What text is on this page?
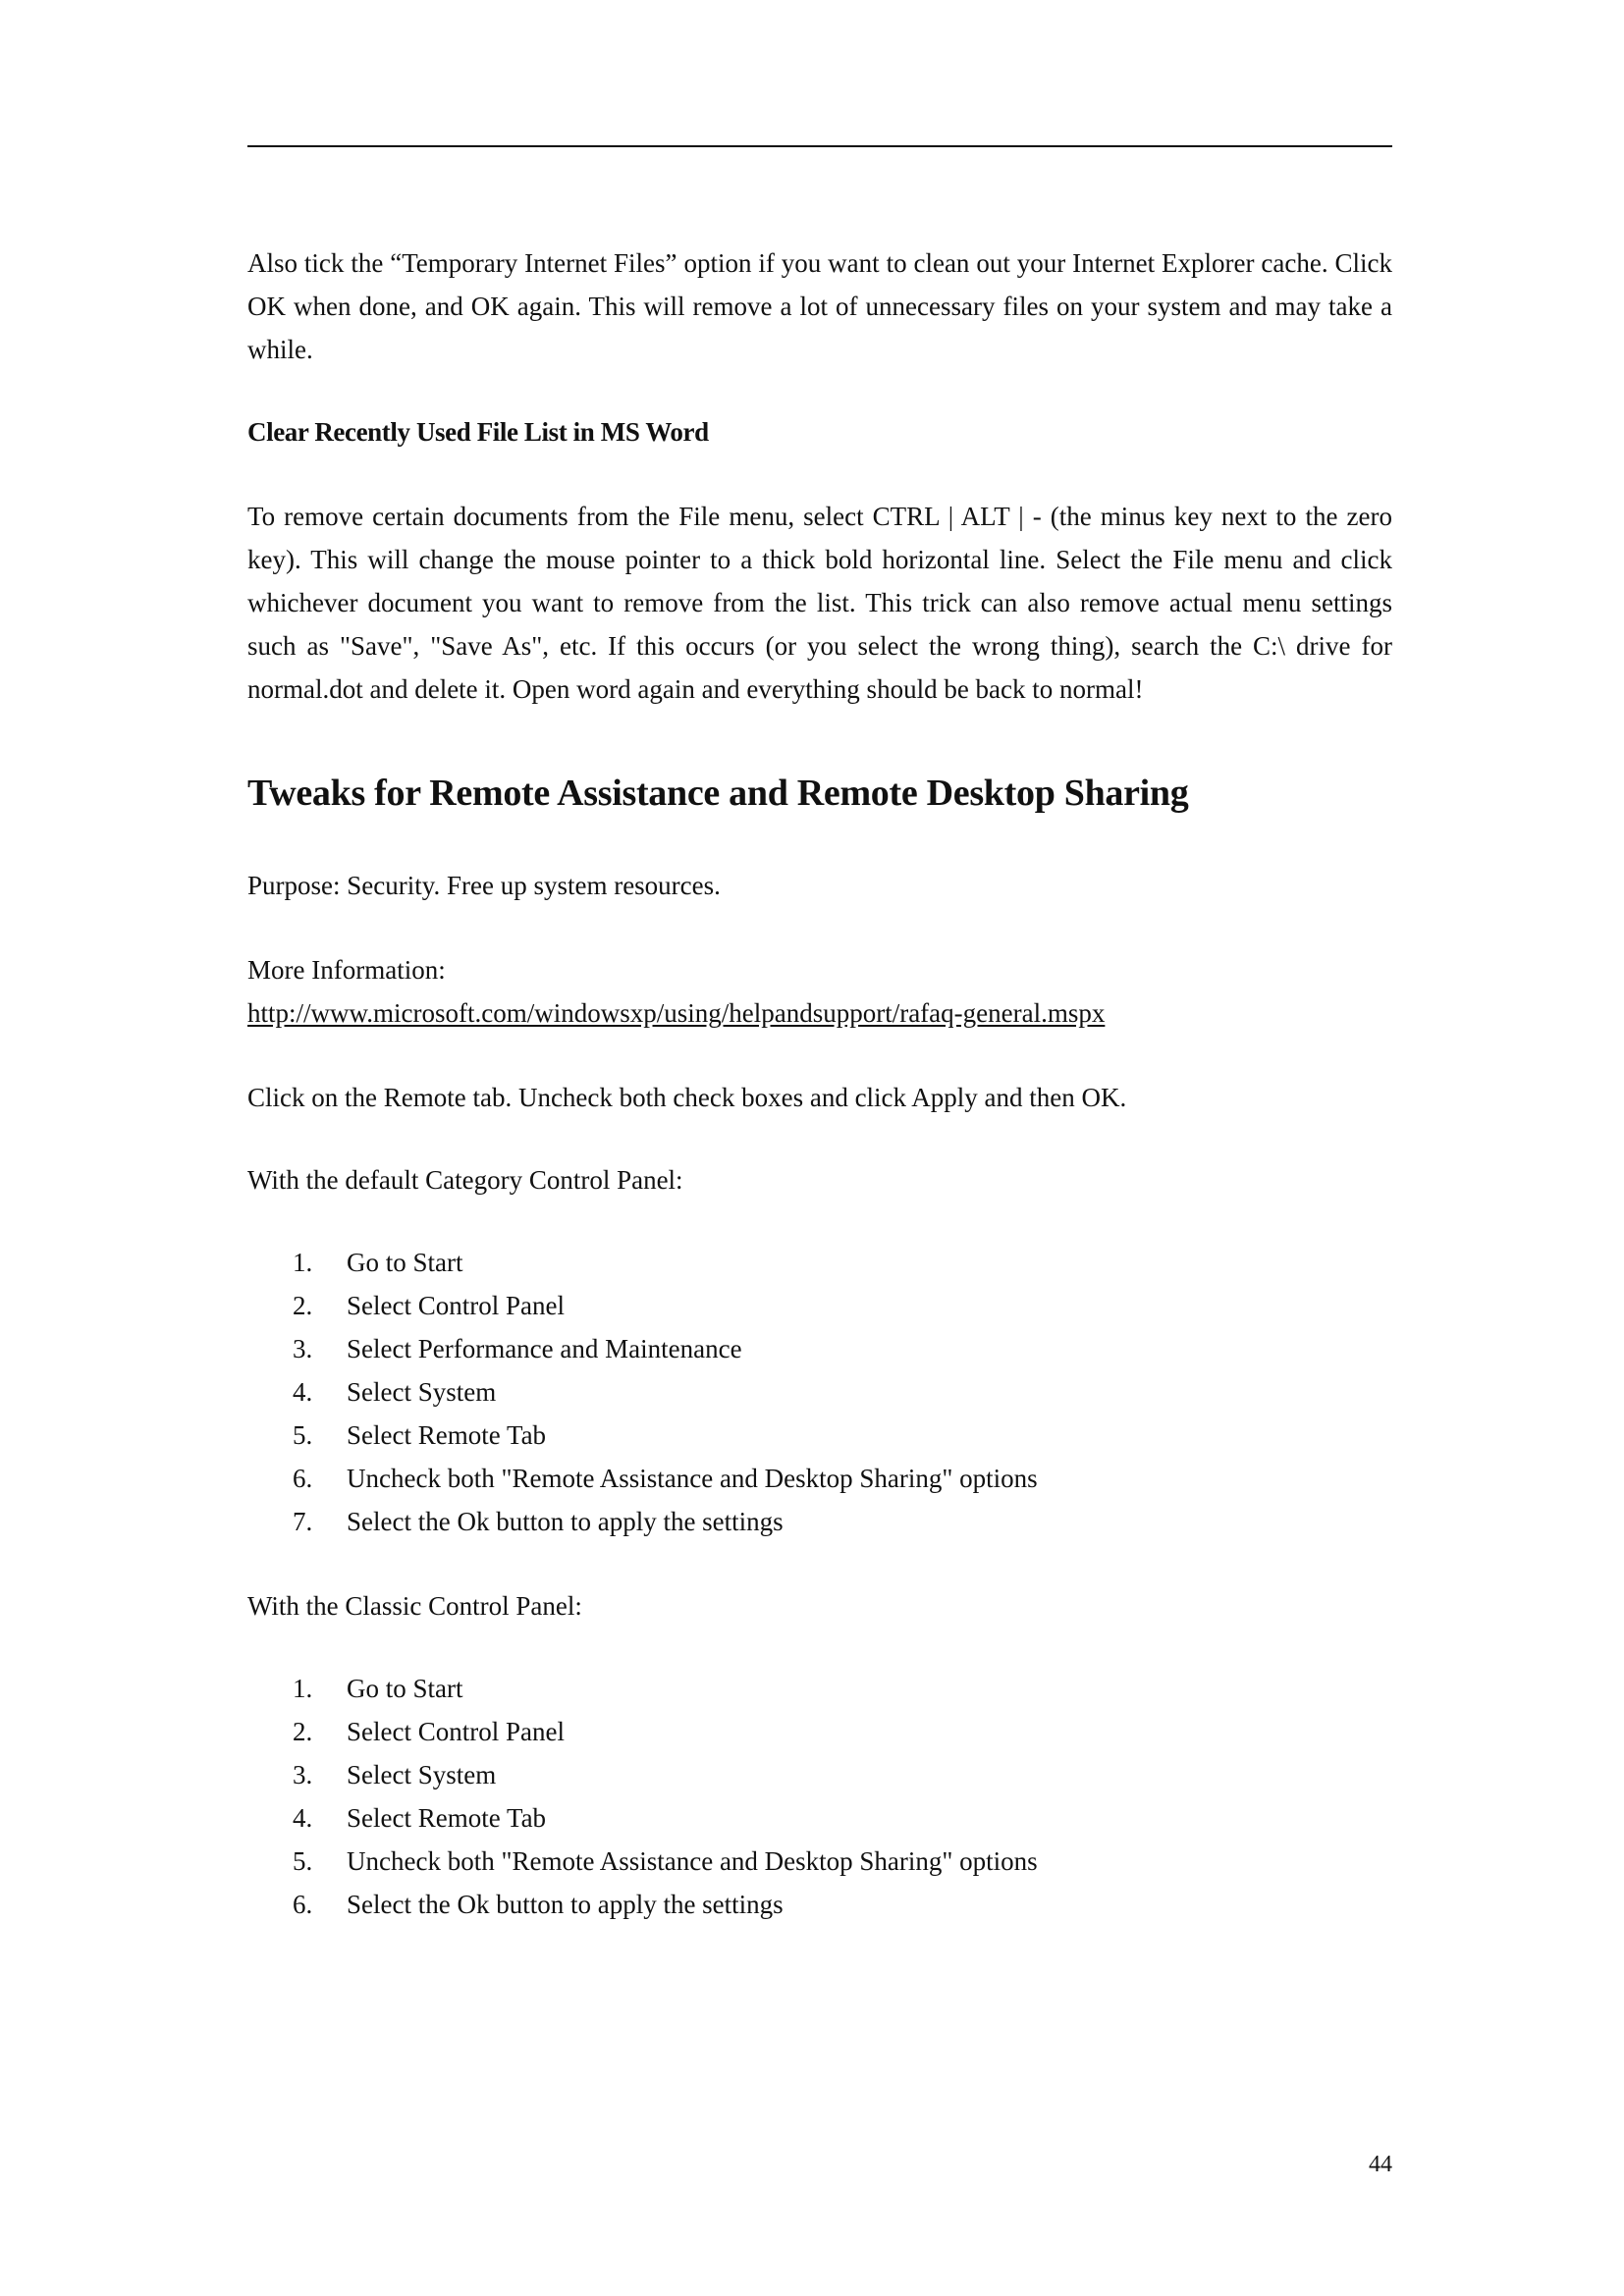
Also tick the “Temporary Internet Files” option if you want to clean out your Internet Explorer cache. Click OK when done, and OK again. This will remove a lot of unnecessary files on your system and may take a while.

Clear Recently Used File List in MS Word

To remove certain documents from the File menu, select CTRL | ALT | - (the minus key next to the zero key). This will change the mouse pointer to a thick bold horizontal line. Select the File menu and click whichever document you want to remove from the list. This trick can also remove actual menu settings such as "Save", "Save As", etc. If this occurs (or you select the wrong thing), search the C:\ drive for normal.dot and delete it. Open word again and everything should be back to normal!

Tweaks for Remote Assistance and Remote Desktop Sharing

Purpose: Security. Free up system resources.

More Information:

http://www.microsoft.com/windowsxp/using/helpandsupport/rafaq-general.mspx

Click on the Remote tab. Uncheck both check boxes and click Apply and then OK.

With the default Category Control Panel:

1.	Go to Start
2.	Select Control Panel
3.	Select Performance and Maintenance
4.	Select System
5.	Select Remote Tab
6.	Uncheck both "Remote Assistance and Desktop Sharing" options
7.	Select the Ok button to apply the settings

With the Classic Control Panel:

1.	Go to Start
2.	Select Control Panel
3.	Select System
4.	Select Remote Tab
5.	Uncheck both "Remote Assistance and Desktop Sharing" options
6.	Select the Ok button to apply the settings
44
